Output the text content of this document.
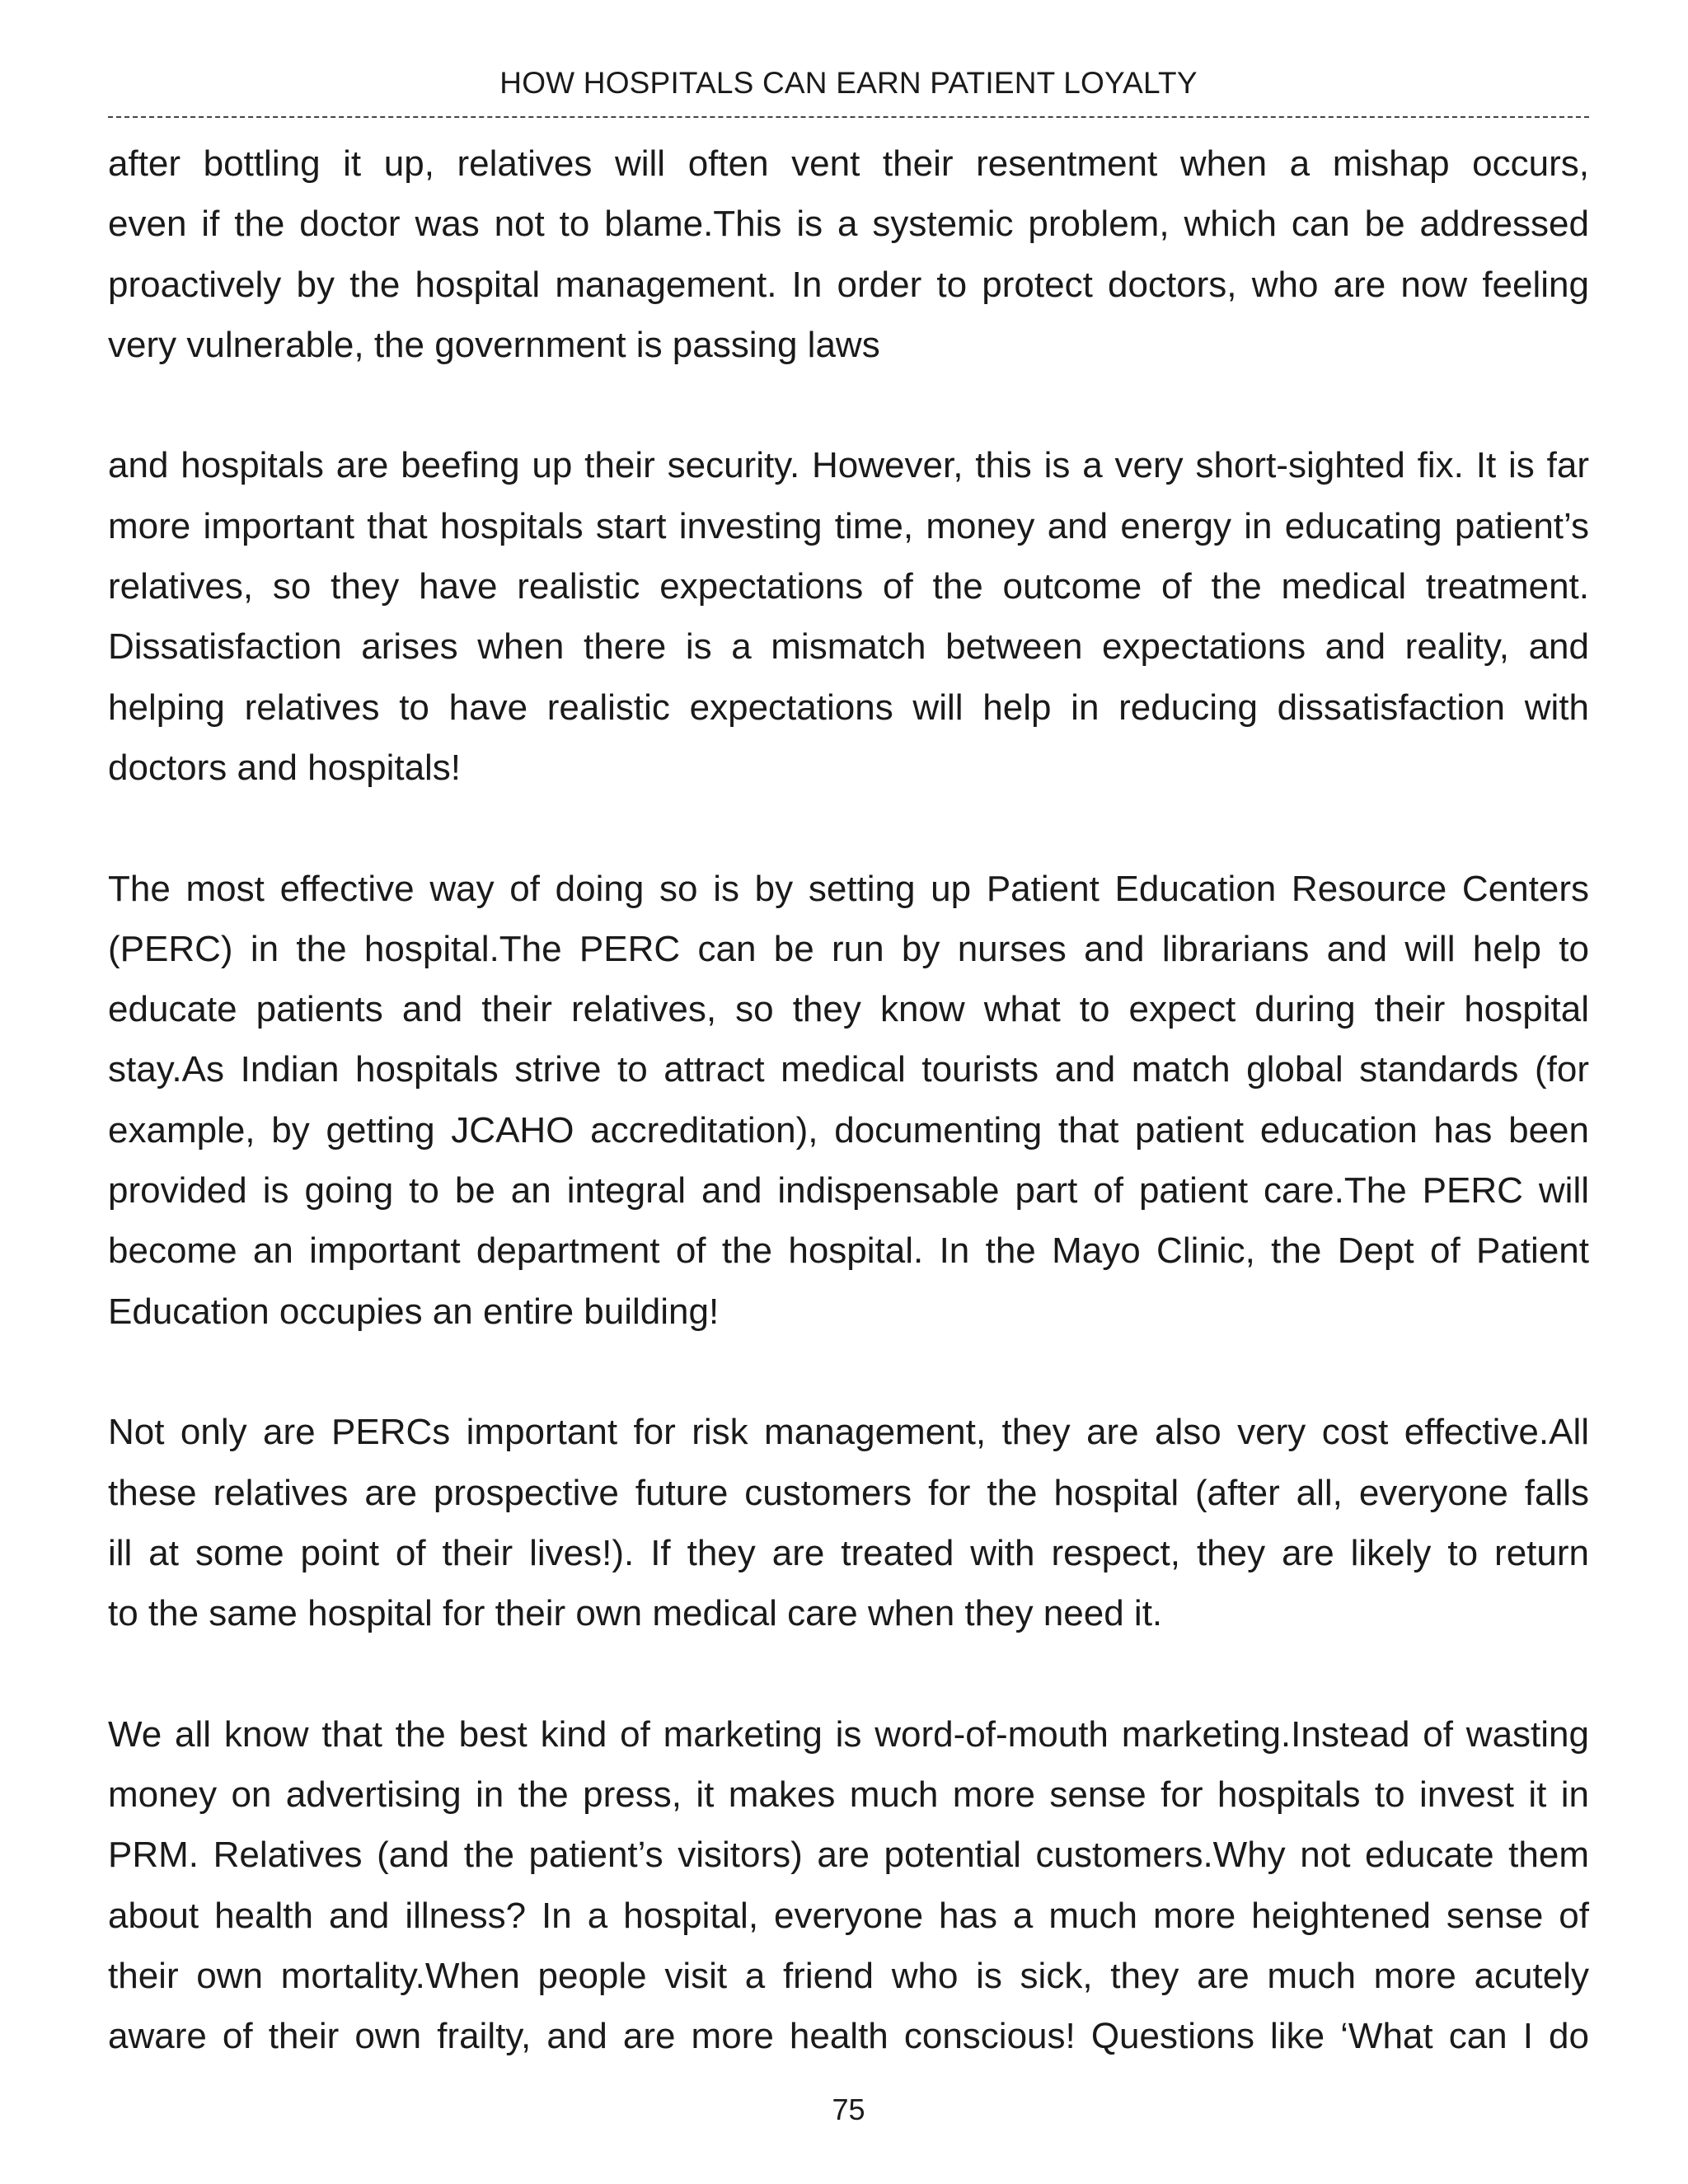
HOW HOSPITALS CAN EARN PATIENT LOYALTY
after bottling it up, relatives will often vent their resentment when a mishap occurs,
even if the doctor was not to blame.This is a systemic problem, which can be addressed
proactively by the hospital management. In order to protect doctors, who are now feeling
very vulnerable, the government is passing laws
and hospitals are beefing up their security. However, this is a very short-sighted fix. It is far
more important that hospitals start investing time, money and energy in educating patient’s
relatives, so they have realistic expectations of the outcome of the medical treatment.
Dissatisfaction arises when there is a mismatch between expectations and reality, and
helping relatives to have realistic expectations will help in reducing dissatisfaction with
doctors and hospitals!
The most effective way of doing so is by setting up Patient Education Resource Centers
(PERC) in the hospital.The PERC can be run by nurses and librarians and will help to
educate patients and their relatives, so they know what to expect during their hospital
stay.As Indian hospitals strive to attract medical tourists and match global standards (for
example, by getting JCAHO accreditation), documenting that patient education has been
provided is going to be an integral and indispensable part of patient care.The PERC will
become an important department of the hospital. In the Mayo Clinic, the Dept of Patient
Education occupies an entire building!
Not only are PERCs important for risk management, they are also very cost effective.All
these relatives are prospective future customers for the hospital (after all, everyone falls
ill at some point of their lives!). If they are treated with respect, they are likely to return
to the same hospital for their own medical care when they need it.
We all know that the best kind of marketing is word-of-mouth marketing.Instead of wasting
money on advertising in the press, it makes much more sense for hospitals to invest it in
PRM. Relatives (and the patient’s visitors) are potential customers.Why not educate them
about health and illness? In a hospital, everyone has a much more heightened sense of
their own mortality.When people visit a friend who is sick, they are much more acutely
aware of their own frailty, and are more health conscious! Questions like ‘What can I do
75
